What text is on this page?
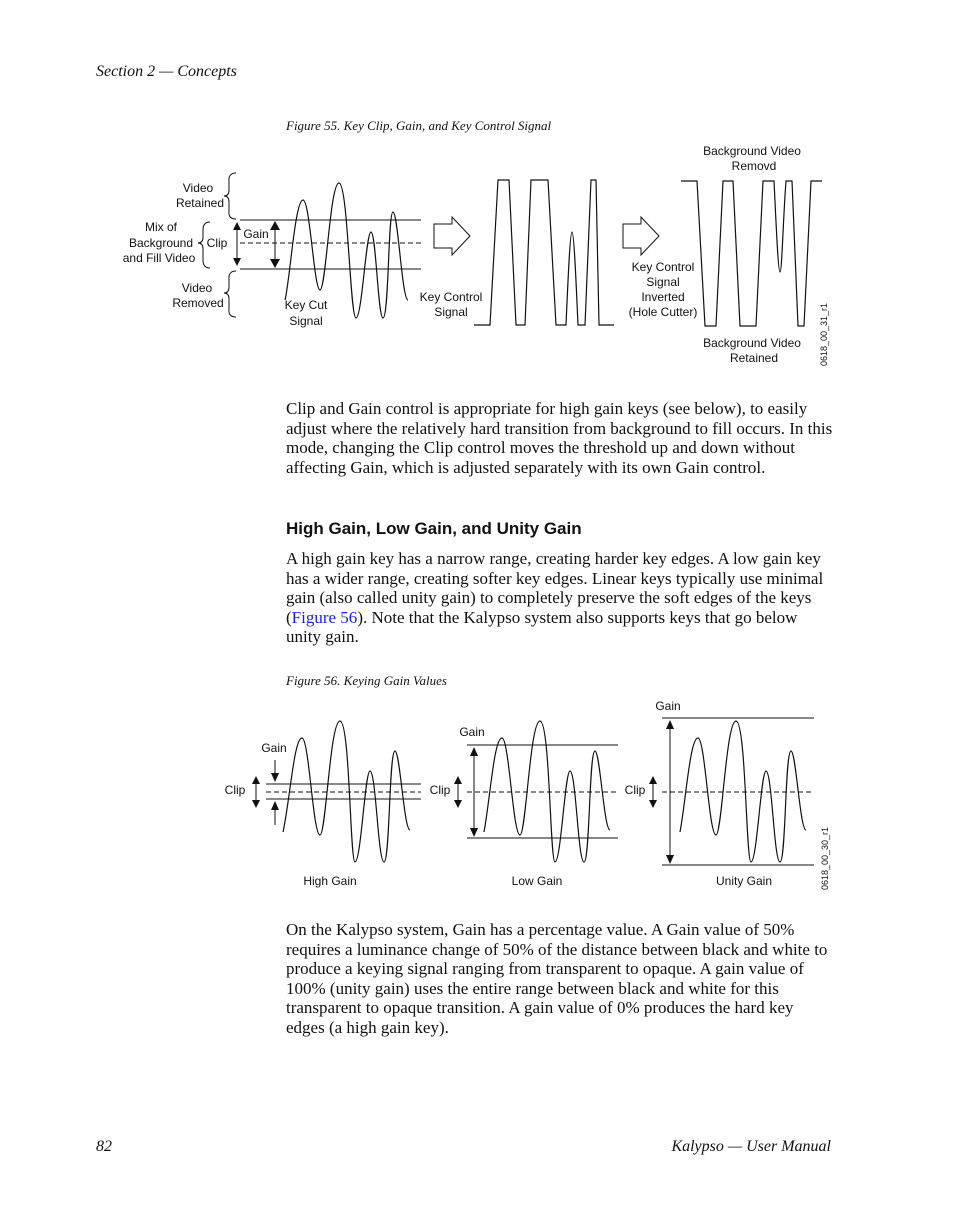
Section 2 — Concepts
Figure 55. Key Clip, Gain, and Key Control Signal
Video
Retained
Mix of
Background
and Fill Video
Clip
Gain
Video
Removed	Key Cut
Signal
Key Control
Signal
Background Video
Removd
Key Control
Signal
Inverted
(Hole Cutter)
Background Video
Retained	0618_00_31_r1

Clip and Gain control is appropriate for high gain keys (see below), to easily adjust where the relatively hard transition from background to fill occurs. In this mode, changing the Clip control moves the threshold up and down without affecting Gain, which is adjusted separately with its own Gain control.

High Gain, Low Gain, and Unity Gain

A high gain key has a narrow range, creating harder key edges. A low gain key has a wider range, creating softer key edges. Linear keys typically use minimal gain (also called unity gain) to completely preserve the soft edges of the keys (Figure 56). Note that the Kalypso system also supports keys that go below unity gain.

Figure 56. Keying Gain Values
Gain
Clip
High Gain
Gain
Clip
Low Gain
Gain
Clip
Unity Gain	0618_00_30_r1

On the Kalypso system, Gain has a percentage value. A Gain value of 50% requires a luminance change of 50% of the distance between black and white to produce a keying signal ranging from transparent to opaque. A gain value of 100% (unity gain) uses the entire range between black and white for this transparent to opaque transition. A gain value of 0% produces the hard key edges (a high gain key).

82	Kalypso — User Manual
